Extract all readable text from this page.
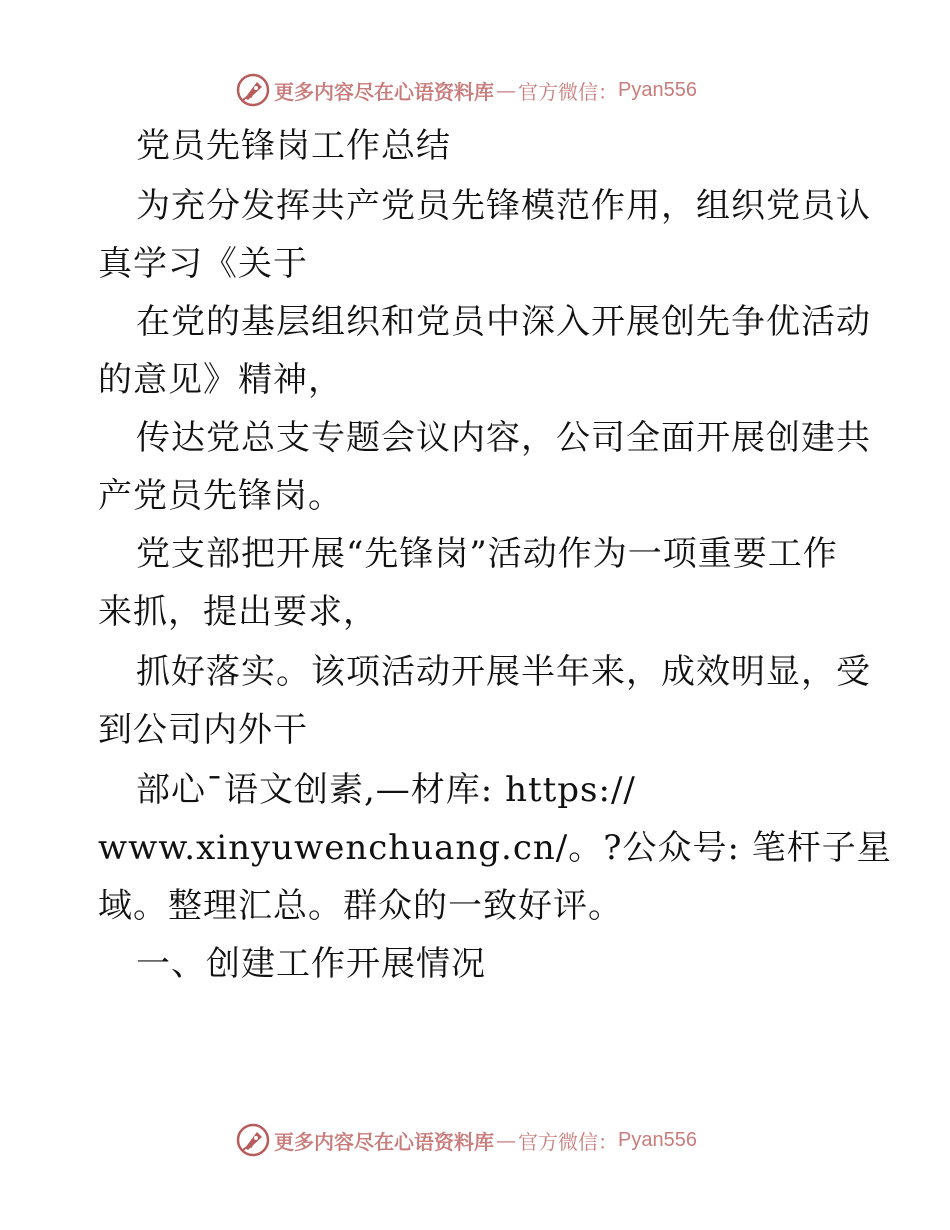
更多内容尽在心语资料库 — 官方微信： Pyan556
党员先锋岗工作总结
为充分发挥共产党员先锋模范作用，组织党员认
真学习《关于
在党的基层组织和党员中深入开展创先争优活动
的意见》精神，
传达党总支专题会议内容，公司全面开展创建共
产党员先锋岗。
党支部把开展“先锋岗”活动作为一项重要工作
来抓，提出要求，
抓好落实。该项活动开展半年来，成效明显，受
到公司内外干
部心¯语文创素,—材库: https://
www.xinyuwenchuang.cn/。?公众号: 笔杆子星
域。整理汇总。群众的一致好评。
一、创建工作开展情况
更多内容尽在心语资料库 — 官方微信： Pyan556
